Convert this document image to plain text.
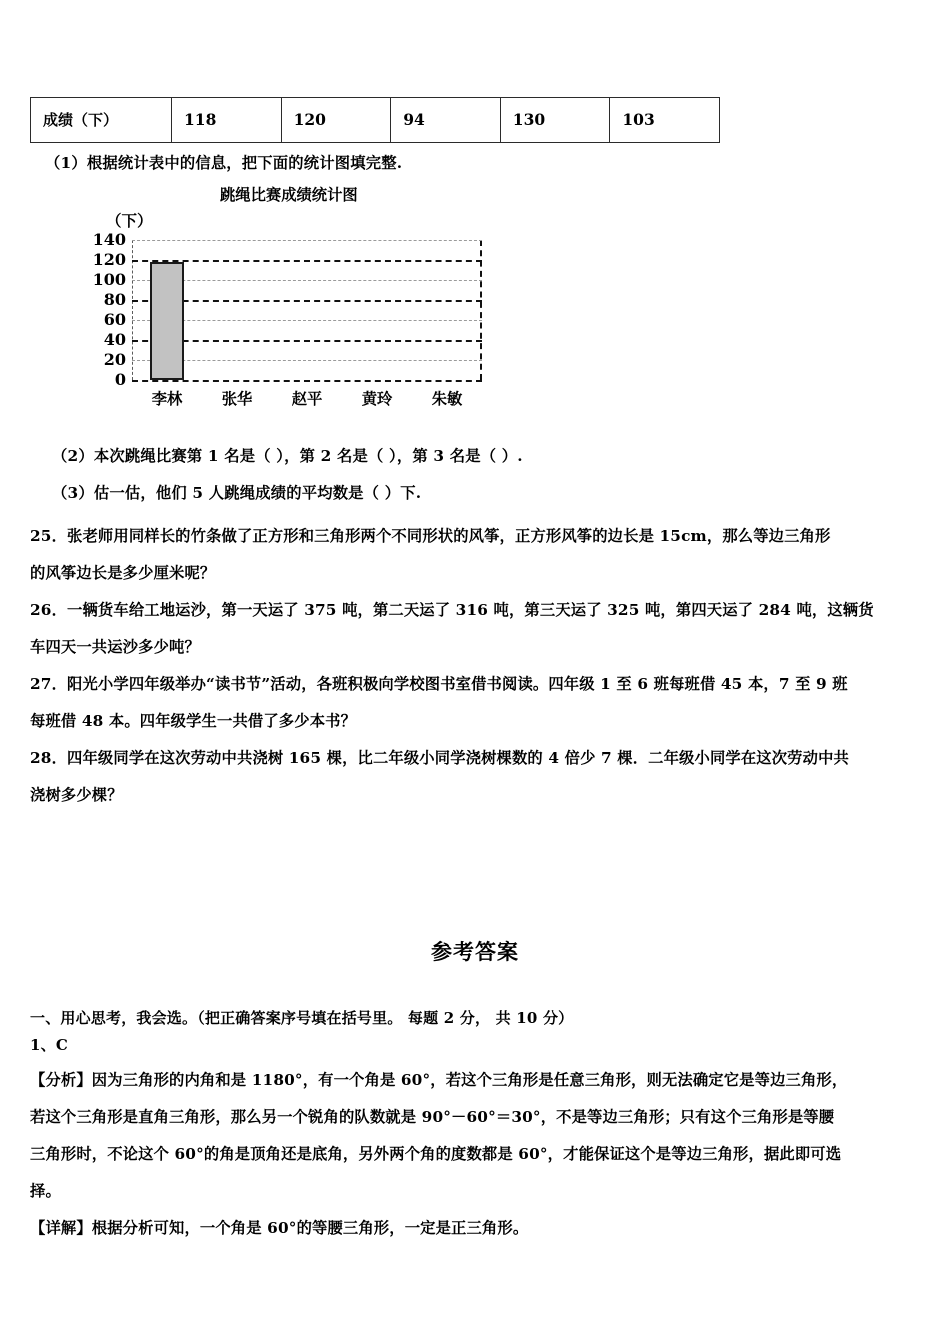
成绩（下）	118	120	94	130	103
（1）根据统计表中的信息，把下面的统计图填完整.
跳绳比赛成绩统计图
（下）
140
120
100
80
60
40
20
0
李林	张华	赵平	黄玲	朱敏
（2）本次跳绳比赛第 1 名是（ ），第 2 名是（ ），第 3 名是（ ）.
（3）估一估，他们 5 人跳绳成绩的平均数是（ ）下.
25．张老师用同样长的竹条做了正方形和三角形两个不同形状的风筝，正方形风筝的边长是 15cm，那么等边三角形
的风筝边长是多少厘米呢？
26．一辆货车给工地运沙，第一天运了 375 吨，第二天运了 316 吨，第三天运了 325 吨，第四天运了 284 吨，这辆货
车四天一共运沙多少吨？
27．阳光小学四年级举办“读书节”活动，各班积极向学校图书室借书阅读。四年级 1 至 6 班每班借 45 本，7 至 9 班
每班借 48 本。四年级学生一共借了多少本书？
28．四年级同学在这次劳动中共浇树 165 棵，比二年级小同学浇树棵数的 4 倍少 7 棵．二年级小同学在这次劳动中共
浇树多少棵？
参考答案
一、用心思考，我会选。（把正确答案序号填在括号里。 每题 2 分， 共 10 分）
1、C
【分析】因为三角形的内角和是 1180°，有一个角是 60°，若这个三角形是任意三角形，则无法确定它是等边三角形，
若这个三角形是直角三角形，那么另一个锐角的队数就是 90°－60°＝30°，不是等边三角形；只有这个三角形是等腰
三角形时，不论这个 60°的角是顶角还是底角，另外两个角的度数都是 60°，才能保证这个是等边三角形，据此即可选
择。
【详解】根据分析可知，一个角是 60°的等腰三角形，一定是正三角形。
